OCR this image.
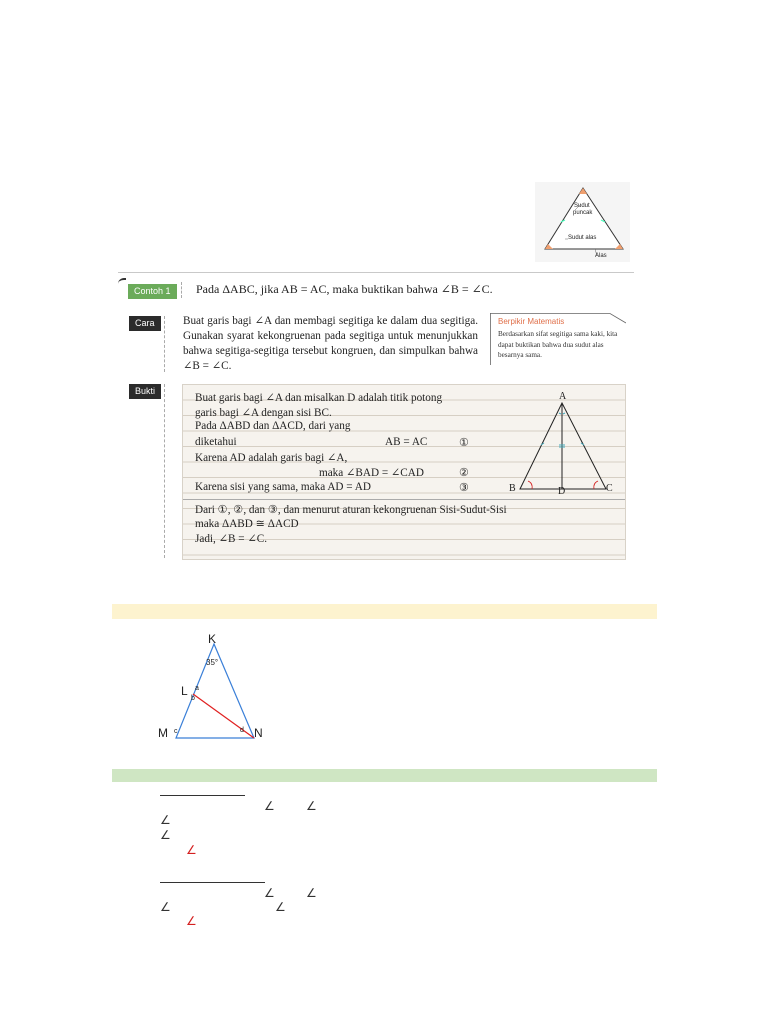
Sudut
puncak
Sudut alas
Alas
Contoh 1	Pada ΔABC, jika AB = AC, maka buktikan bahwa ∠B = ∠C.
Cara	Buat garis bagi ∠A dan membagi segitiga ke dalam dua segitiga. Gunakan syarat kekongruenan pada segitiga untuk menunjukkan bahwa segitiga-segitiga tersebut kongruen, dan simpulkan bahwa ∠B = ∠C.
Berpikir Matematis
Berdasarkan sifat segitiga sama kaki, kita dapat buktikan bahwa dua sudut alas besarnya sama.
Bukti
Buat garis bagi ∠A dan misalkan D adalah titik potong
garis bagi ∠A dengan sisi BC.
Pada ΔABD dan ΔACD, dari yang
diketahui	AB = AC	①
Karena AD adalah garis bagi ∠A,
maka ∠BAD = ∠CAD	②
Karena sisi yang sama, maka AD = AD	③
Dari ①, ②, dan ③, dan menurut aturan kekongruenan Sisi-Sudut-Sisi
maka ΔABD ≅ ΔACD
Jadi, ∠B = ∠C.
A
B	C
D
K
35°
L a
b
M c	d N
∠	∠
∠
∠
∠
∠	∠
∠	∠
∠
